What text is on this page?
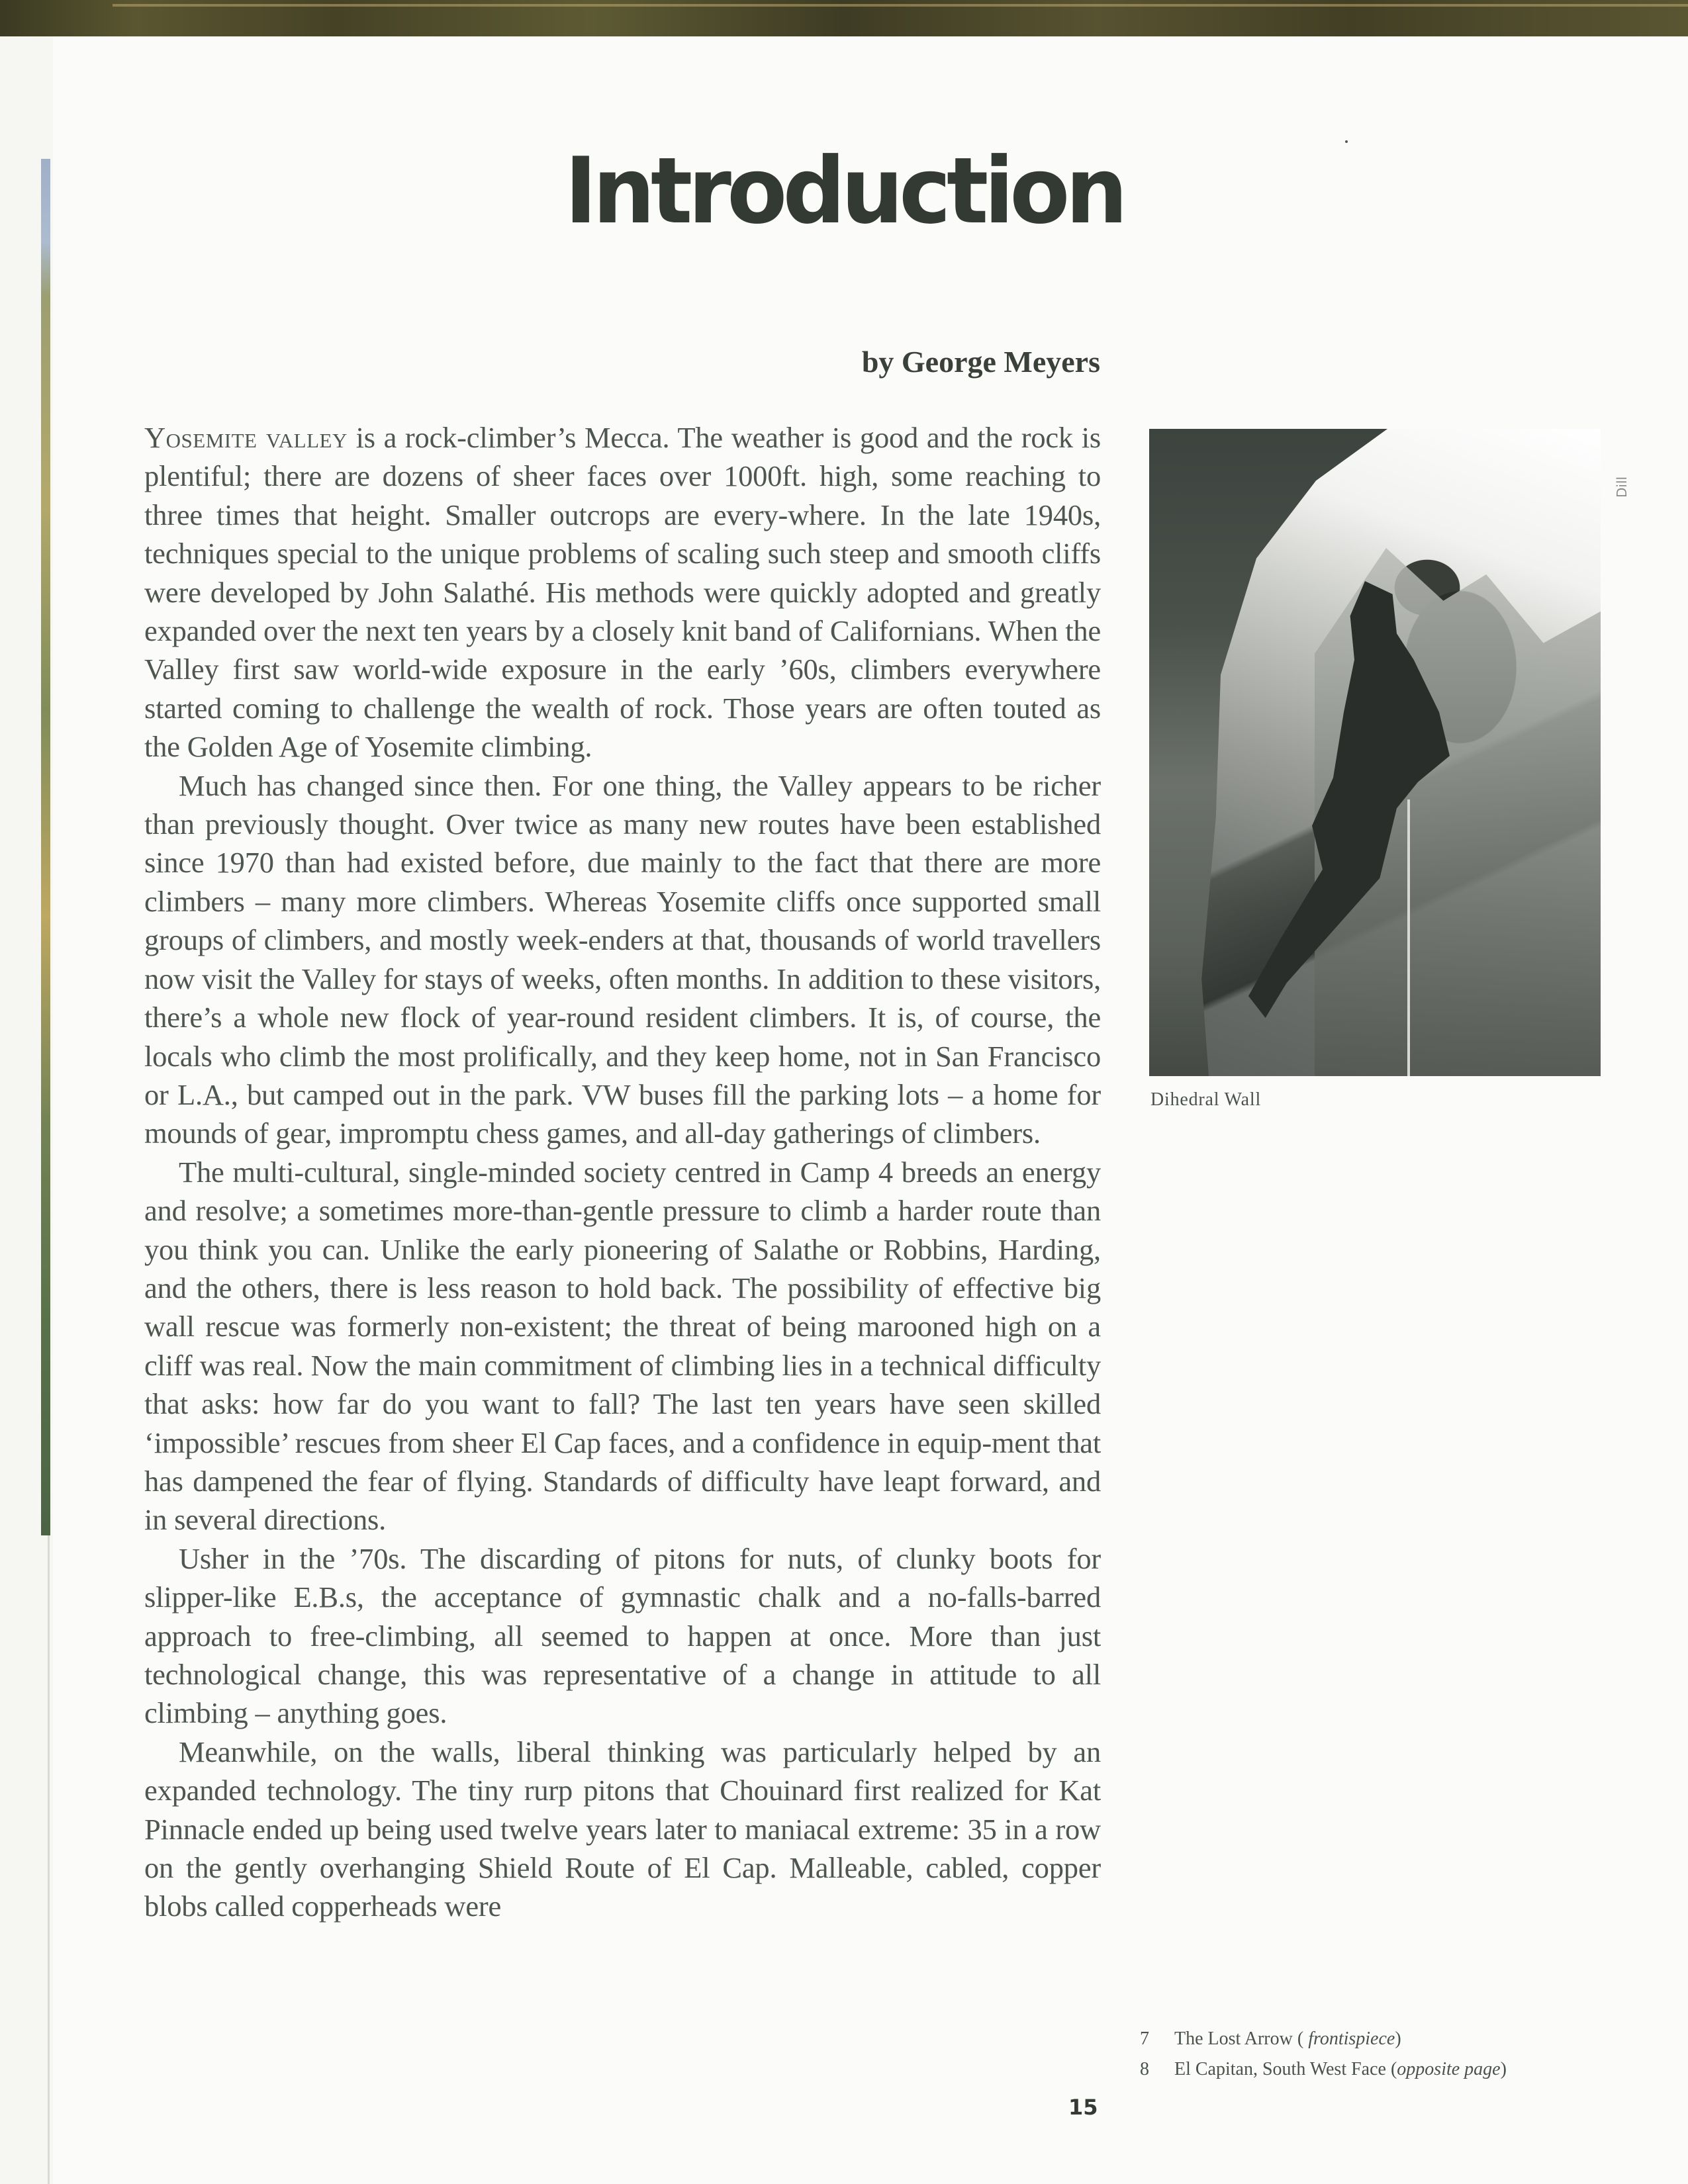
Introduction
by George Meyers

Yosemite valley is a rock-climber’s Mecca. The weather is good and the rock is plentiful; there are dozens of sheer faces over 1000ft. high, some reaching to three times that height. Smaller outcrops are every-where. In the late 1940s, techniques special to the unique problems of scaling such steep and smooth cliffs were developed by John Salathé. His methods were quickly adopted and greatly expanded over the next ten years by a closely knit band of Californians. When the Valley first saw world-wide exposure in the early ’60s, climbers everywhere started coming to challenge the wealth of rock. Those years are often touted as the Golden Age of Yosemite climbing.

Much has changed since then. For one thing, the Valley appears to be richer than previously thought. Over twice as many new routes have been established since 1970 than had existed before, due mainly to the fact that there are more climbers – many more climbers. Whereas Yosemite cliffs once supported small groups of climbers, and mostly week-enders at that, thousands of world travellers now visit the Valley for stays of weeks, often months. In addition to these visitors, there’s a whole new flock of year-round resident climbers. It is, of course, the locals who climb the most prolifically, and they keep home, not in San Francisco or L.A., but camped out in the park. VW buses fill the parking lots – a home for mounds of gear, impromptu chess games, and all-day gatherings of climbers.

The multi-cultural, single-minded society centred in Camp 4 breeds an energy and resolve; a sometimes more-than-gentle pressure to climb a harder route than you think you can. Unlike the early pioneering of Salathe or Robbins, Harding, and the others, there is less reason to hold back. The possibility of effective big wall rescue was formerly non-existent; the threat of being marooned high on a cliff was real. Now the main commitment of climbing lies in a technical difficulty that asks: how far do you want to fall? The last ten years have seen skilled ‘impossible’ rescues from sheer El Cap faces, and a confidence in equip-ment that has dampened the fear of flying. Standards of difficulty have leapt forward, and in several directions.

Usher in the ’70s. The discarding of pitons for nuts, of clunky boots for slipper-like E.B.s, the acceptance of gymnastic chalk and a no-falls-barred approach to free-climbing, all seemed to happen at once. More than just technological change, this was representative of a change in attitude to all climbing – anything goes.

Meanwhile, on the walls, liberal thinking was particularly helped by an expanded technology. The tiny rurp pitons that Chouinard first realized for Kat Pinnacle ended up being used twelve years later to maniacal extreme: 35 in a row on the gently overhanging Shield Route of El Cap. Malleable, cabled, copper blobs called copperheads were

Dihedral Wall
Dill
7	The Lost Arrow
(
frontispiece )
8	El Capitan, South West Face
( opposite page )
15
